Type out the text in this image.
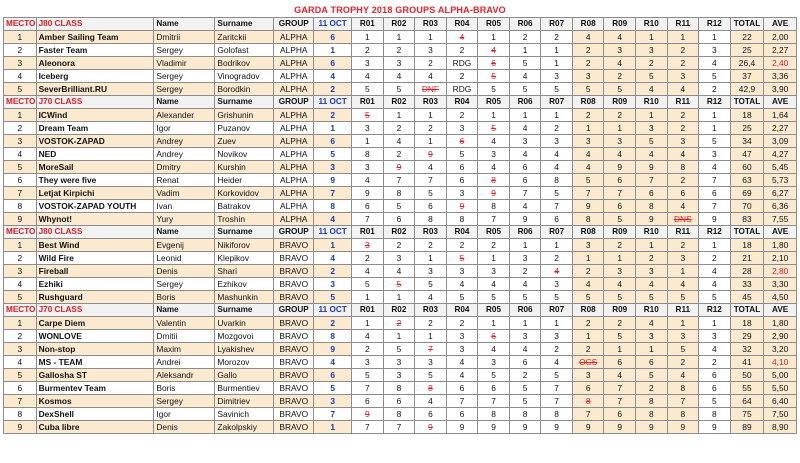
GARDA TROPHY 2018 GROUPS ALPHA-BRAVO
MECTO	J80 CLASS	Name	Surname	GROUP	11 OCT	R01	R02	R03	R04	R05	R06	R07	R08	R09	R10	R11	R12	TOTAL	AVE
1	Amber Sailing Team	Dmitrii	Zaritckii	ALPHA	6	1	1	1	4	1	2	2	4	4	1	1	1	22	2,00
2	Faster Team	Sergey	Golofast	ALPHA	1	2	2	3	2	4	1	1	2	3	3	2	3	25	2,27
3	Aleonora	Vladimir	Bodrikov	ALPHA	6	3	3	2	RDG	6	5	1	2	4	2	2	4	26,4	2,40
4	Iceberg	Sergey	Vinogradov	ALPHA	4	4	4	4	2	5	4	3	3	2	5	3	5	37	3,36
5	SeverBrilliant.RU	Sergey	Borodkin	ALPHA	2	5	5	DNF	RDG	5	5	5	5	5	4	4	2	42,9	3,90
MECTO	J70 CLASS	Name	Surname	GROUP	11 OCT	R01	R02	R03	R04	R05	R06	R07	R08	R09	R10	R11	R12	TOTAL	AVE
1	ICWind	Alexander	Grishunin	ALPHA	2	5	1	1	2	1	1	1	2	2	1	2	1	18	1,64
2	Dream Team	Igor	Puzanov	ALPHA	1	3	2	2	3	5	4	2	1	1	3	2	1	25	2,27
3	VOSTOK-ZAPAD	Andrey	Zuev	ALPHA	6	1	4	1	6	4	3	3	3	3	5	3	5	34	3,09
4	NED	Andrey	Novikov	ALPHA	5	8	2	9	5	3	4	4	4	4	4	4	3	47	4,27
5	MoreSail	Dmitry	Kurshin	ALPHA	3	3	9	4	6	4	6	4	4	9	9	8	4	60	5,45
6	They were five	Renat	Heider	ALPHA	9	4	7	7	6	8	6	8	5	6	7	2	7	63	5,73
7	Letjat Kirpichi	Vadim	Korkovidov	ALPHA	7	9	8	5	3	9	7	5	7	7	6	6	6	69	6,27
8	VOSTOK-ZAPAD YOUTH	Ivan	Batrakov	ALPHA	8	6	5	6	9	8	4	7	9	6	8	4	7	70	6,36
9	Whynot!	Yury	Troshin	ALPHA	4	7	6	8	8	7	9	6	8	5	9	DNS	9	83	7,55
MECTO	J80 CLASS	Name	Surname	GROUP	11 OCT	R01	R02	R03	R04	R05	R06	R07	R08	R09	R10	R11	R12	TOTAL	AVE
1	Best Wind	Evgenij	Nikiforov	BRAVO	1	3	2	2	2	2	1	1	3	2	1	2	1	18	1,80
2	Wild Fire	Leonid	Klepikov	BRAVO	4	2	3	1	5	1	3	2	1	1	2	3	2	21	2,10
3	Fireball	Denis	Shari	BRAVO	2	4	4	3	3	3	2	4	2	3	3	1	4	28	2,80
4	Ezhiki	Sergey	Ezhikov	BRAVO	3	5	5	5	4	4	4	3	4	4	4	4	4	33	3,30
5	Rushguard	Boris	Mashunkin	BRAVO	5	1	1	4	5	5	5	5	5	5	5	5	5	45	4,50
MECTO	J70 CLASS	Name	Surname	GROUP	11 OCT	R01	R02	R03	R04	R05	R06	R07	R08	R09	R10	R11	R12	TOTAL	AVE
1	Carpe Diem	Valentin	Uvarkin	BRAVO	2	1	2	2	2	1	1	1	2	2	4	1	1	18	1,80
2	WONLOVE	Dmitii	Mozgovoi	BRAVO	8	4	1	1	3	6	3	3	1	5	3	3	3	29	2,90
3	Non-stop	Maxim	Lyakishev	BRAVO	9	2	5	7	3	4	4	2	2	1	1	5	4	32	3,20
4	MS - TEAM	Andrei	Morozov	BRAVO	4	3	3	3	4	3	6	4	OCS	6	6	2	2	41	4,10
5	Gallosha ST	Aleksandr	Gallo	BRAVO	6	5	3	5	4	5	2	5	3	4	5	4	6	50	5,00
6	Burmentev Team	Boris	Burmentiev	BRAVO	5	7	8	8	6	6	5	7	6	7	2	8	6	55	5,50
7	Kosmos	Sergey	Dimitriev	BRAVO	3	6	6	4	7	7	5	7	8	7	8	7	5	64	6,40
8	DexShell	Igor	Savinich	BRAVO	7	9	8	6	6	8	8	8	7	6	8	8	8	75	7,50
9	Cuba libre	Denis	Zakolpskiy	BRAVO	1	7	7	9	9	9	9	9	9	9	9	9	9	89	8,90
